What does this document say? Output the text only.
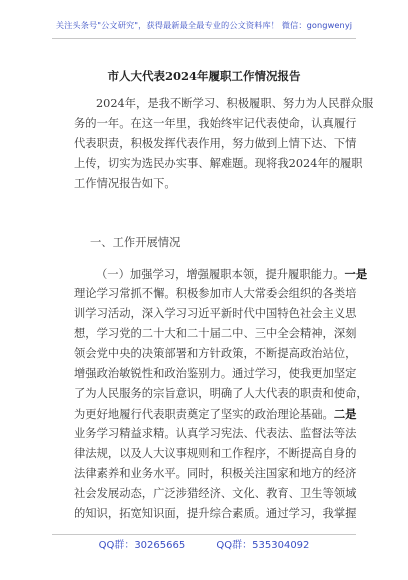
关注头条号"公文研究"，获得最新最全最专业的公文资料库！ 微信：gongwenyj
市人大代表2024年履职工作情况报告
2024年，是我不断学习、积极履职、努力为人民群众服
务的一年。在这一年里，我始终牢记代表使命，认真履行
代表职责，积极发挥代表作用，努力做到上情下达、下情
上传，切实为选民办实事、解难题。现将我2024年的履职
工作情况报告如下。
一、工作开展情况
（一）加强学习，增强履职本领，提升履职能力。一是
理论学习常抓不懈。积极参加市人大常委会组织的各类培
训学习活动，深入学习习近平新时代中国特色社会主义思
想，学习党的二十大和二十届二中、三中全会精神，深刻
领会党中央的决策部署和方针政策，不断提高政治站位，
增强政治敏锐性和政治鉴别力。通过学习，使我更加坚定
了为人民服务的宗旨意识，明确了人大代表的职责和使命，
为更好地履行代表职责奠定了坚实的政治理论基础。二是
业务学习精益求精。认真学习宪法、代表法、监督法等法
律法规，以及人大议事规则和工作程序，不断提高自身的
法律素养和业务水平。同时，积极关注国家和地方的经济
社会发展动态，广泛涉猎经济、文化、教育、卫生等领域
的知识，拓宽知识面，提升综合素质。通过学习，我掌握
QQ群：30265665	QQ群：535304092
